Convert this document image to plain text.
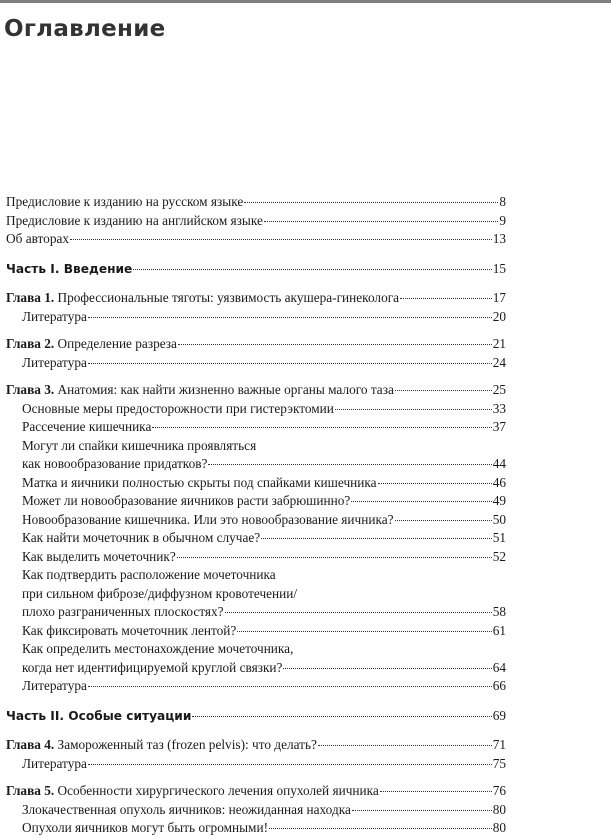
Оглавление
Предисловие к изданию на русском языке	8
Предисловие к изданию на английском языке	9
Об авторах	13
Часть I. Введение	15
Глава 1. Профессиональные тяготы: уязвимость акушера-гинеколога	17
Литература	20
Глава 2. Определение разреза	21
Литература	24
Глава 3. Анатомия: как найти жизненно важные органы малого таза	25
Основные меры предосторожности при гистерэктомии	33
Рассечение кишечника	37
Могут ли спайки кишечника проявляться
как новообразование придатков?	44
Матка и яичники полностью скрыты под спайками кишечника	46
Может ли новообразование яичников расти забрюшинно?	49
Новообразование кишечника. Или это новообразование яичника?	50
Как найти мочеточник в обычном случае?	51
Как выделить мочеточник?	52
Как подтвердить расположение мочеточника
при сильном фиброзе/диффузном кровотечении/
плохо разграниченных плоскостях?	58
Как фиксировать мочеточник лентой?	61
Как определить местонахождение мочеточника,
когда нет идентифицируемой круглой связки?	64
Литература	66
Часть II. Особые ситуации	69
Глава 4. Замороженный таз (frozen pelvis): что делать?	71
Литература	75
Глава 5. Особенности хирургического лечения опухолей яичника	76
Злокачественная опухоль яичников: неожиданная находка	80
Опухоли яичников могут быть огромными!	80
